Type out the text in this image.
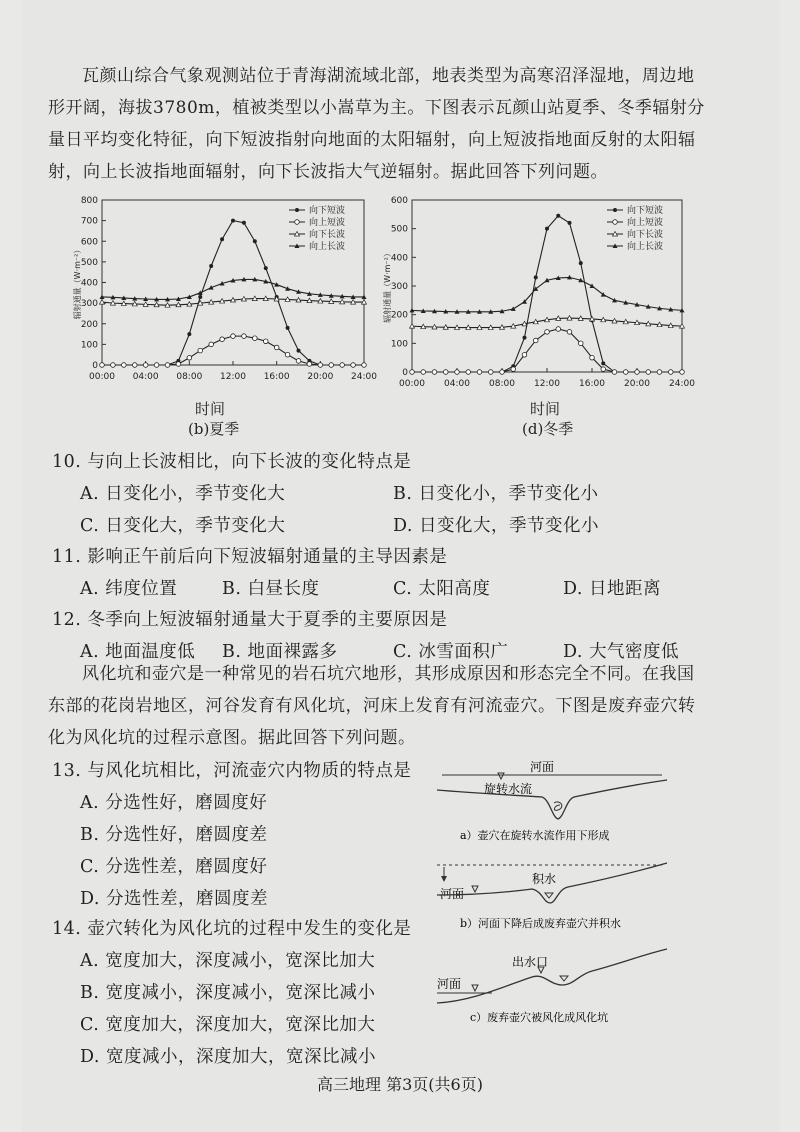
瓦颜山综合气象观测站位于青海湖流域北部，地表类型为高寒沼泽湿地，周边地形开阔，海拔3780m，植被类型以小嵩草为主。下图表示瓦颜山站夏季、冬季辐射分量日平均变化特征，向下短波指射向地面的太阳辐射，向上短波指地面反射的太阳辐射，向上长波指地面辐射，向下长波指大气逆辐射。据此回答下列问题。
0
100
200
300
400
500
600
700
800
00:00 04:00 08:00 12:00 16:00 20:00 24:00
辐射通量（W·m⁻²）
向下短波
向上短波
向下长波
向上长波
时间
(b)夏季
0
100
200
300
400
500
600
00:00 04:00 08:00 12:00 16:00 20:00 24:00
辐射通量（W·m⁻²）
向下短波
向上短波
向下长波
向上长波
时间
(d)冬季
10. 与向上长波相比，向下长波的变化特点是
A. 日变化小，季节变化大	B. 日变化小，季节变化小
C. 日变化大，季节变化大	D. 日变化大，季节变化小
11. 影响正午前后向下短波辐射通量的主导因素是
A. 纬度位置	B. 白昼长度	C. 太阳高度	D. 日地距离
12. 冬季向上短波辐射通量大于夏季的主要原因是
A. 地面温度低 B. 地面裸露多	C. 冰雪面积广	D. 大气密度低
风化坑和壶穴是一种常见的岩石坑穴地形，其形成原因和形态完全不同。在我国东部的花岗岩地区，河谷发育有风化坑，河床上发育有河流壶穴。下图是废弃壶穴转化为风化坑的过程示意图。据此回答下列问题。
13. 与风化坑相比，河流壶穴内物质的特点是
A. 分选性好，磨圆度好
B. 分选性好，磨圆度差
C. 分选性差，磨圆度好
D. 分选性差，磨圆度差
14. 壶穴转化为风化坑的过程中发生的变化是
A. 宽度加大，深度减小，宽深比加大
B. 宽度减小，深度减小，宽深比减小
C. 宽度加大，深度加大，宽深比加大
D. 宽度减小，深度加大，宽深比减小
河面
旋转水流
a）壶穴在旋转水流作用下形成
河面
积水
b）河面下降后成废弃壶穴并积水
出水口
河面
c）废弃壶穴被风化成风化坑
高三地理 第3页(共6页)
